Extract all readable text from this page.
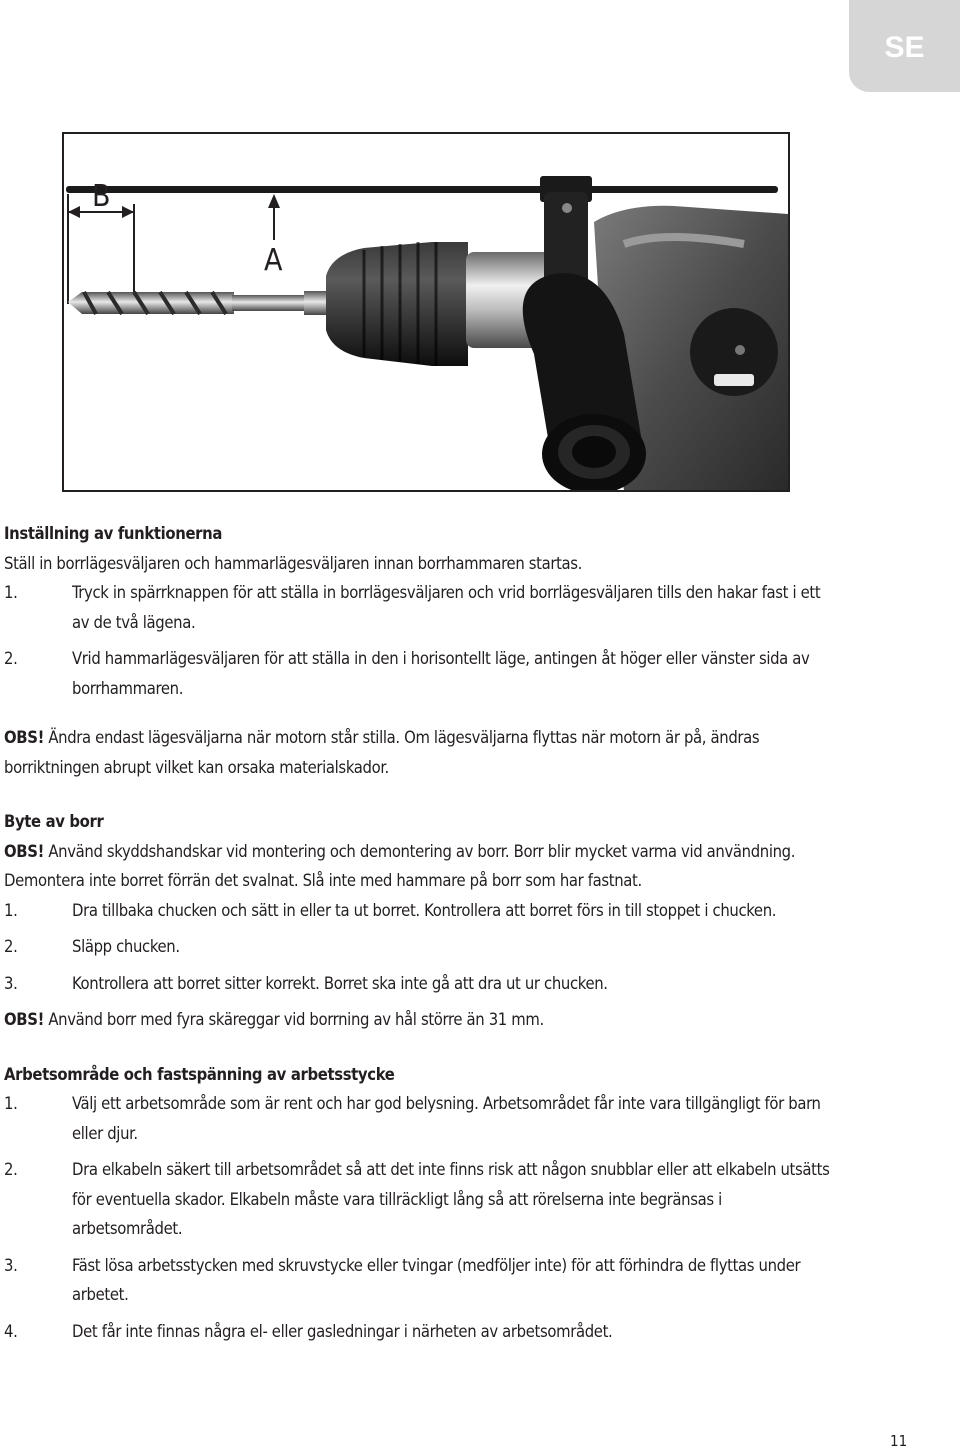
SE
B
A
Inställning av funktionerna
Ställ in borrlägesväljaren och hammarlägesväljaren innan borrhammaren startas.
1.	Tryck in spärrknappen för att ställa in borrlägesväljaren och vrid borrlägesväljaren tills den hakar fast i ett av de två lägena.
2.	Vrid hammarlägesväljaren för att ställa in den i horisontellt läge, antingen åt höger eller vänster sida av borrhammaren.
OBS! Ändra endast lägesväljarna när motorn står stilla. Om lägesväljarna flyttas när motorn är på, ändras borriktningen abrupt vilket kan orsaka materialskador.
Byte av borr
OBS! Använd skyddshandskar vid montering och demontering av borr. Borr blir mycket varma vid användning. Demontera inte borret förrän det svalnat. Slå inte med hammare på borr som har fastnat.
1.	Dra tillbaka chucken och sätt in eller ta ut borret. Kontrollera att borret förs in till stoppet i chucken.
2.	Släpp chucken.
3.	Kontrollera att borret sitter korrekt. Borret ska inte gå att dra ut ur chucken.
OBS! Använd borr med fyra skäreggar vid borrning av hål större än 31 mm.
Arbetsområde och fastspänning av arbetsstycke
1.	Välj ett arbetsområde som är rent och har god belysning. Arbetsområdet får inte vara tillgängligt för barn eller djur.
2.	Dra elkabeln säkert till arbetsområdet så att det inte finns risk att någon snubblar eller att elkabeln utsätts för eventuella skador. Elkabeln måste vara tillräckligt lång så att rörelserna inte begränsas i arbetsområdet.
3.	Fäst lösa arbetsstycken med skruvstycke eller tvingar (medföljer inte) för att förhindra de flyttas under arbetet.
4.	Det får inte finnas några el- eller gasledningar i närheten av arbetsområdet.
11
